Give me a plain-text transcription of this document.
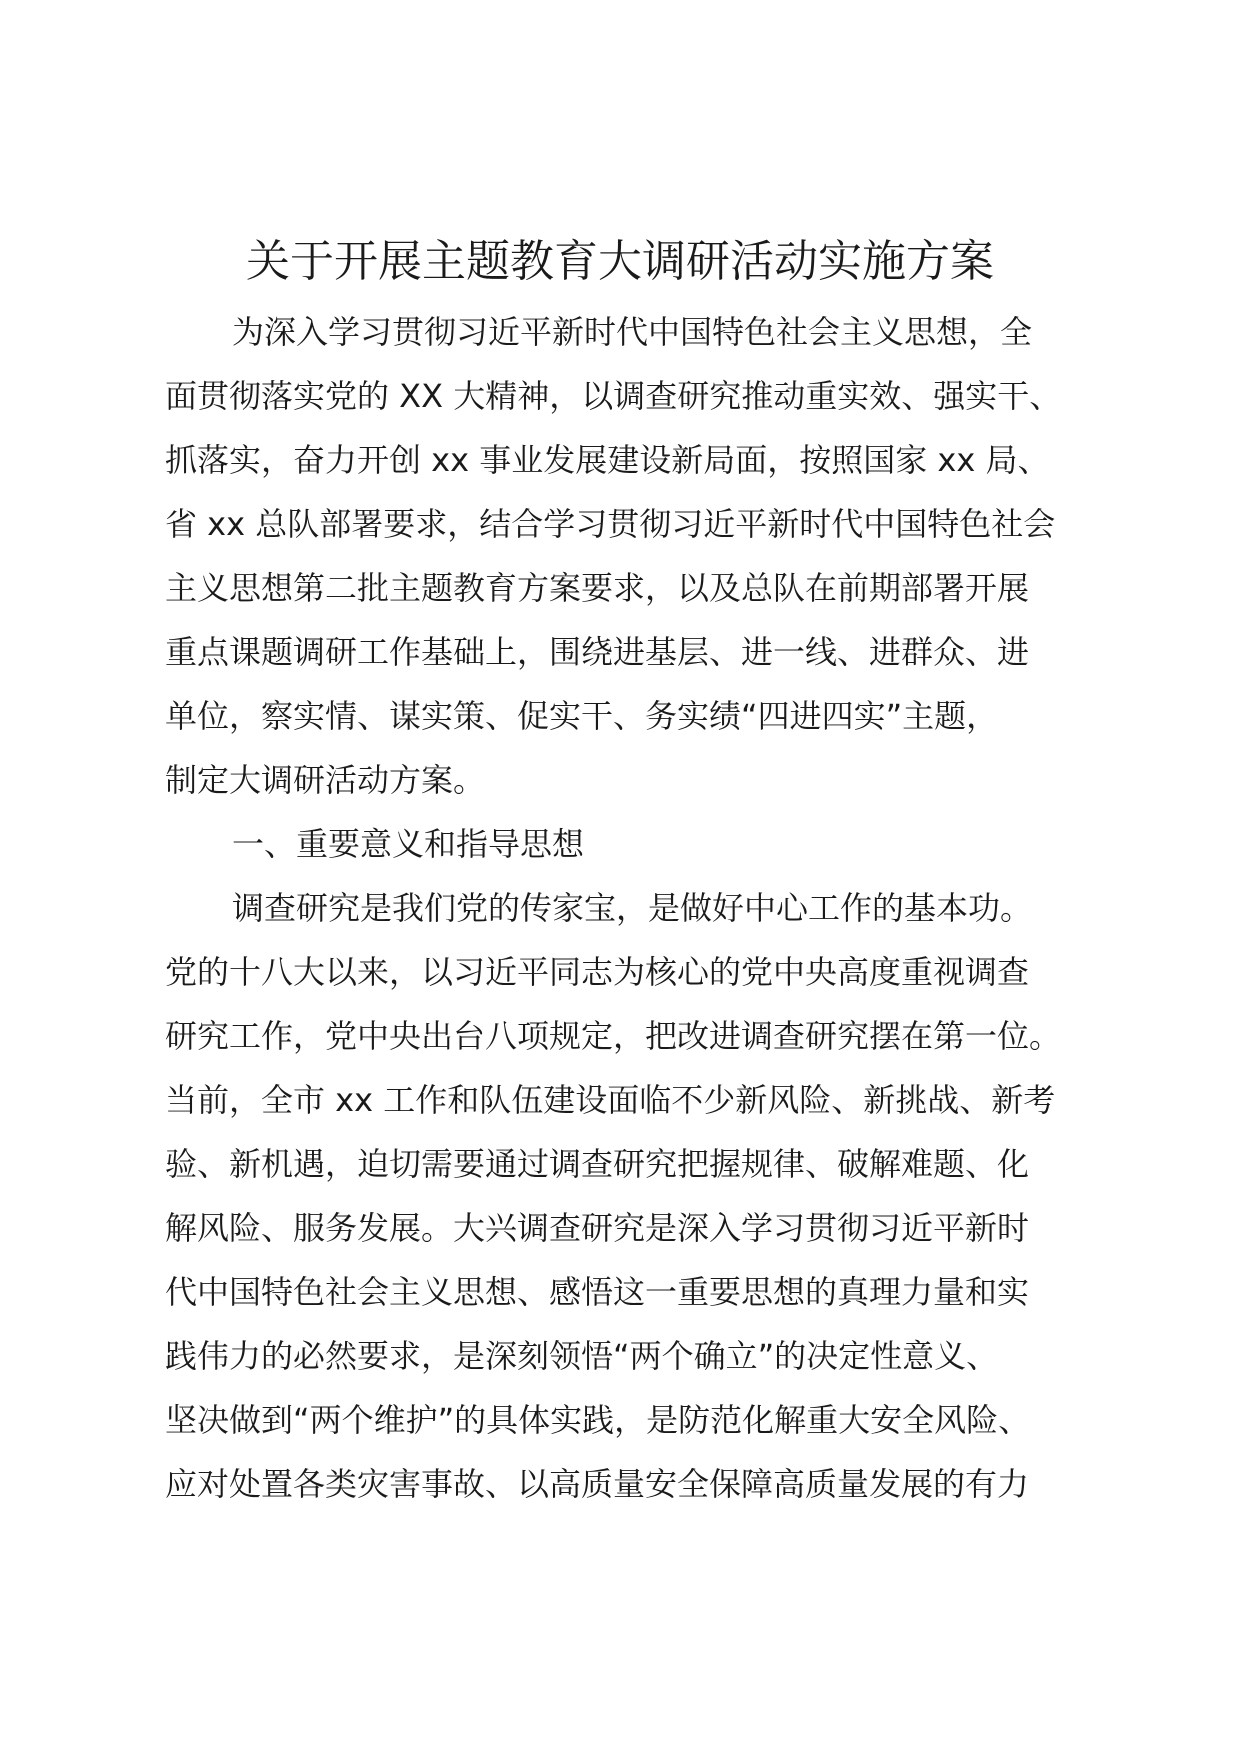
关于开展主题教育大调研活动实施方案
为深入学习贯彻习近平新时代中国特色社会主义思想，全
面贯彻落实党的 XX 大精神，以调查研究推动重实效、强实干、
抓落实，奋力开创 xx 事业发展建设新局面，按照国家 xx 局、
省 xx 总队部署要求，结合学习贯彻习近平新时代中国特色社会
主义思想第二批主题教育方案要求，以及总队在前期部署开展
重点课题调研工作基础上，围绕进基层、进一线、进群众、进
单位，察实情、谋实策、促实干、务实绩“四进四实”主题，
制定大调研活动方案。
一、重要意义和指导思想
调查研究是我们党的传家宝，是做好中心工作的基本功。
党的十八大以来，以习近平同志为核心的党中央高度重视调查
研究工作，党中央出台八项规定，把改进调查研究摆在第一位。
当前，全市 xx 工作和队伍建设面临不少新风险、新挑战、新考
验、新机遇，迫切需要通过调查研究把握规律、破解难题、化
解风险、服务发展。大兴调查研究是深入学习贯彻习近平新时
代中国特色社会主义思想、感悟这一重要思想的真理力量和实
践伟力的必然要求，是深刻领悟“两个确立”的决定性意义、
坚决做到“两个维护”的具体实践，是防范化解重大安全风险、
应对处置各类灾害事故、以高质量安全保障高质量发展的有力
